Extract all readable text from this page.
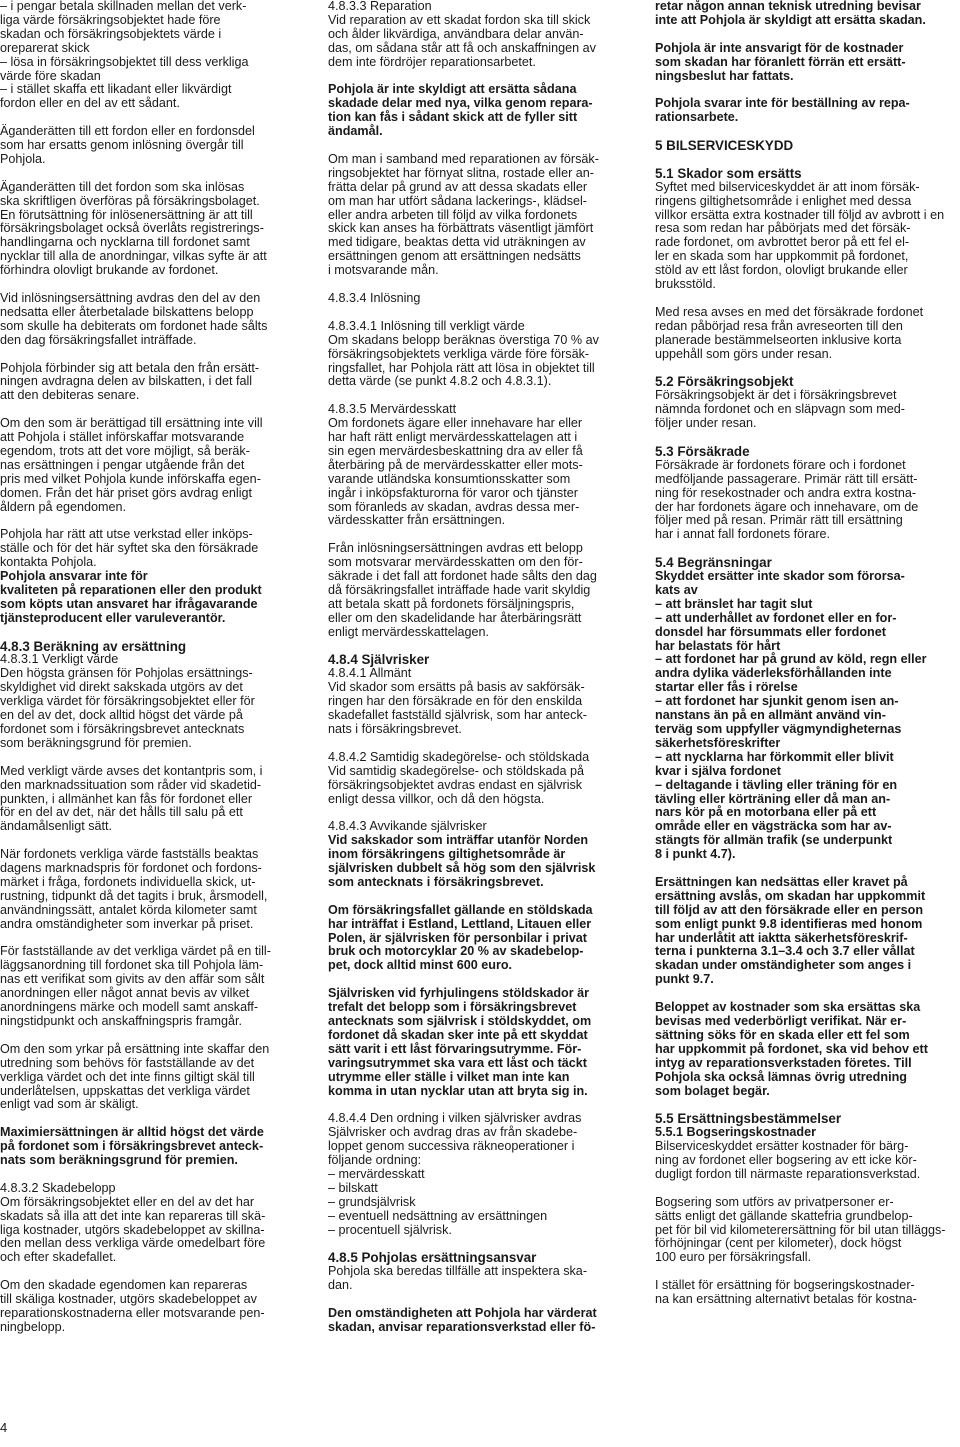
– i pengar betala skillnaden mellan det verk-
liga värde försäkringsobjektet hade före
skadan och försäkringsobjektets värde i
oreparerat skick
– lösa in försäkringsobjektet till dess verkliga
värde före skadan
– i stället skaffa ett likadant eller likvärdigt
fordon eller en del av ett sådant.
Äganderätten till ett fordon eller en fordonsdel
som har ersatts genom inlösning övergår till
Pohjola.
Äganderätten till det fordon som ska inlösas
ska skriftligen överföras på försäkringsbolaget.
En förutsättning för inlösenersättning är att till
försäkringsbolaget också överlåts registrerings-
handlingarna och nycklarna till fordonet samt
nycklar till alla de anordningar, vilkas syfte är att
förhindra olovligt brukande av fordonet.
Vid inlösningsersättning avdras den del av den
nedsatta eller återbetalade bilskattens belopp
som skulle ha debiterats om fordonet hade sålts
den dag försäkringsfallet inträffade.
Pohjola förbinder sig att betala den från ersätt-
ningen avdragna delen av bilskatten, i det fall
att den debiteras senare.
Om den som är berättigad till ersättning inte vill
att Pohjola i stället införskaffar motsvarande
egendom, trots att det vore möjligt, så beräk-
nas ersättningen i pengar utgående från det
pris med vilket Pohjola kunde införskaffa egen-
domen. Från det här priset görs avdrag enligt
åldern på egendomen.
Pohjola har rätt att utse verkstad eller inköps-
ställe och för det här syftet ska den försäkrade
kontakta Pohjola.
Pohjola ansvarar inte för
kvaliteten på reparationen eller den produkt
som köpts utan ansvaret har ifrågavarande
tjänsteproducent eller varuleverantör.
4.8.3 Beräkning av ersättning
4.8.3.1 Verkligt värde
Den högsta gränsen för Pohjolas ersättnings-
skyldighet vid direkt sakskada utgörs av det
verkliga värdet för försäkringsobjektet eller för
en del av det, dock alltid högst det värde på
fordonet som i försäkringsbrevet antecknats
som beräkningsgrund för premien.
Med verkligt värde avses det kontantpris som, i
den marknadssituation som råder vid skadetid-
punkten, i allmänhet kan fås för fordonet eller
för en del av det, när det hålls till salu på ett
ändamålsenligt sätt.
När fordonets verkliga värde fastställs beaktas
dagens marknadspris för fordonet och fordons-
märket i fråga, fordonets individuella skick, ut-
rustning, tidpunkt då det tagits i bruk, årsmodell,
användningssätt, antalet körda kilometer samt
andra omständigheter som inverkar på priset.
För fastställande av det verkliga värdet på en till-
läggsanordning till fordonet ska till Pohjola läm-
nas ett verifikat som givits av den affär som sålt
anordningen eller något annat bevis av vilket
anordningens märke och modell samt anskaff-
ningstidpunkt och anskaffningspris framgår.
Om den som yrkar på ersättning inte skaffar den
utredning som behövs för fastställande av det
verkliga värdet och det inte finns giltigt skäl till
underlåtelsen, uppskattas det verkliga värdet
enligt vad som är skäligt.
Maximiersättningen är alltid högst det värde
på fordonet som i försäkringsbrevet anteck-
nats som beräkningsgrund för premien.
4.8.3.2 Skadebelopp
Om försäkringsobjektet eller en del av det har
skadats så illa att det inte kan repareras till skä-
liga kostnader, utgörs skadebeloppet av skillna-
den mellan dess verkliga värde omedelbart före
och efter skadefallet.
Om den skadade egendomen kan repareras
till skäliga kostnader, utgörs skadebeloppet av
reparationskostnaderna eller motsvarande pen-
ningbelopp.
4.8.3.3 Reparation
Vid reparation av ett skadat fordon ska till skick
och ålder likvärdiga, användbara delar använ-
das, om sådana står att få och anskaffningen av
dem inte fördröjer reparationsarbetet.
Pohjola är inte skyldigt att ersätta sådana
skadade delar med nya, vilka genom repara-
tion kan fås i sådant skick att de fyller sitt
ändamål.
Om man i samband med reparationen av försäk-
ringsobjektet har förnyat slitna, rostade eller an-
frätta delar på grund av att dessa skadats eller
om man har utfört sådana lackerings-, klädsel-
eller andra arbeten till följd av vilka fordonets
skick kan anses ha förbättrats väsentligt jämfört
med tidigare, beaktas detta vid uträkningen av
ersättningen genom att ersättningen nedsätts
i motsvarande mån.
4.8.3.4 Inlösning
4.8.3.4.1 Inlösning till verkligt värde
Om skadans belopp beräknas överstiga 70 % av
försäkringsobjektets verkliga värde före försäk-
ringsfallet, har Pohjola rätt att lösa in objektet till
detta värde (se punkt 4.8.2 och 4.8.3.1).
4.8.3.5 Mervärdesskatt
Om fordonets ägare eller innehavare har eller
har haft rätt enligt mervärdesskattelagen att i
sin egen mervärdesbeskattning dra av eller få
återbäring på de mervärdesskatter eller mots-
varande utländska konsumtionsskatter som
ingår i inköpsfakturorna för varor och tjänster
som föranleds av skadan, avdras dessa mer-
värdesskatter från ersättningen.
Från inlösningsersättningen avdras ett belopp
som motsvarar mervärdesskatten om den för-
säkrade i det fall att fordonet hade sålts den dag
då försäkringsfallet inträffade hade varit skyldig
att betala skatt på fordonets försäljningspris,
eller om den skadelidande har återbäringsrätt
enligt mervärdesskattelagen.
4.8.4 Självrisker
4.8.4.1 Allmänt
Vid skador som ersätts på basis av sakförsäk-
ringen har den försäkrade en för den enskilda
skadefallet fastställd självrisk, som har anteck-
nats i försäkringsbrevet.
4.8.4.2 Samtidig skadegörelse- och stöldskada
Vid samtidig skadegörelse- och stöldskada på
försäkringsobjektet avdras endast en självrisk
enligt dessa villkor, och då den högsta.
4.8.4.3 Avvikande självrisker
Vid sakskador som inträffar utanför Norden
inom försäkringens giltighetsområde är
självrisken dubbelt så hög som den självrisk
som antecknats i försäkringsbrevet.
Om försäkringsfallet gällande en stöldskada
har inträffat i Estland, Lettland, Litauen eller
Polen, är självrisken för personbilar i privat
bruk och motorcyklar 20 % av skadebelop-
pet, dock alltid minst 600 euro.
Självrisken vid fyrhjulingens stöldskador är
trefalt det belopp som i försäkringsbrevet
antecknats som självrisk i stöldskyddet, om
fordonet då skadan sker inte på ett skyddat
sätt varit i ett låst förvaringsutrymme. För-
varingsutrymmet ska vara ett låst och täckt
utrymme eller ställe i vilket man inte kan
komma in utan nycklar utan att bryta sig in.
4.8.4.4 Den ordning i vilken självrisker avdras
Självrisker och avdrag dras av från skadebe-
loppet genom successiva räkneoperationer i
följande ordning:
– mervärdesskatt
– bilskatt
– grundsjälvrisk
– eventuell nedsättning av ersättningen
– procentuell självrisk.
4.8.5 Pohjolas ersättningsansvar
Pohjola ska beredas tillfälle att inspektera ska-
dan.
Den omständigheten att Pohjola har värderat
skadan, anvisar reparationsverkstad eller fö-
retar någon annan teknisk utredning bevisar
inte att Pohjola är skyldigt att ersätta skadan.
Pohjola är inte ansvarigt för de kostnader
som skadan har föranlett förrän ett ersätt-
ningsbeslut har fattats.
Pohjola svarar inte för beställning av repa-
rationsarbete.
5 BILSERVICESKYDD
5.1 Skador som ersätts
Syftet med bilserviceskyddet är att inom försäk-
ringens giltighetsområde i enlighet med dessa
villkor ersätta extra kostnader till följd av avbrott i en
resa som redan har påbörjats med det försäk-
rade fordonet, om avbrottet beror på ett fel el-
ler en skada som har uppkommit på fordonet,
stöld av ett låst fordon, olovligt brukande eller
bruksstöld.
Med resa avses en med det försäkrade fordonet
redan påbörjad resa från avreseorten till den
planerade bestämmelseorten inklusive korta
uppehåll som görs under resan.
5.2 Försäkringsobjekt
Försäkringsobjekt är det i försäkringsbrevet
nämnda fordonet och en släpvagn som med-
följer under resan.
5.3 Försäkrade
Försäkrade är fordonets förare och i fordonet
medföljande passagerare. Primär rätt till ersätt-
ning för resekostnader och andra extra kostna-
der har fordonets ägare och innehavare, om de
följer med på resan. Primär rätt till ersättning
har i annat fall fordonets förare.
5.4 Begränsningar
Skyddet ersätter inte skador som förorsa-
kats av
– att bränslet har tagit slut
– att underhållet av fordonet eller en for-
donsdel har försummats eller fordonet
har belastats för hårt
– att fordonet har på grund av köld, regn eller
andra dylika väderleksförhållanden inte
startar eller fås i rörelse
– att fordonet har sjunkit genom isen an-
nanstans än på en allmänt använd vin-
terväg som uppfyller vägmyndigheternas
säkerhetsföreskrifter
– att nycklarna har förkommit eller blivit
kvar i själva fordonet
– deltagande i tävling eller träning för en
tävling eller körträning eller då man an-
nars kör på en motorbana eller på ett
område eller en vägsträcka som har av-
stängts för allmän trafik (se underpunkt
8 i punkt 4.7).
Ersättningen kan nedsättas eller kravet på
ersättning avslås, om skadan har uppkommit
till följd av att den försäkrade eller en person
som enligt punkt 9.8 identifieras med honom
har underlåtit att iakttа säkerhetsföreskrif-
terna i punkterna 3.1–3.4 och 3.7 eller vållat
skadan under omständigheter som anges i
punkt 9.7.
Beloppet av kostnader som ska ersättas ska
bevisas med vederbörligt verifikat. När er-
sättning söks för en skada eller ett fel som
har uppkommit på fordonet, ska vid behov ett
intyg av reparationsverkstaden företes. Till
Pohjola ska också lämnas övrig utredning
som bolaget begär.
5.5 Ersättningsbestämmelser
5.5.1 Bogseringskostnader
Bilserviceskyddet ersätter kostnader för bärg-
ning av fordonet eller bogsering av ett icke kör-
dugligt fordon till närmaste reparationsverkstad.
Bogsering som utförs av privatpersoner er-
sätts enligt det gällande skattefria grundbelop-
pet för bil vid kilometerersättning för bil utan tilläggs-
förhöjningar (cent per kilometer), dock högst
100 euro per försäkringsfall.
I stället för ersättning för bogseringskostnader-
na kan ersättning alternativt betalas för kostna-
4
